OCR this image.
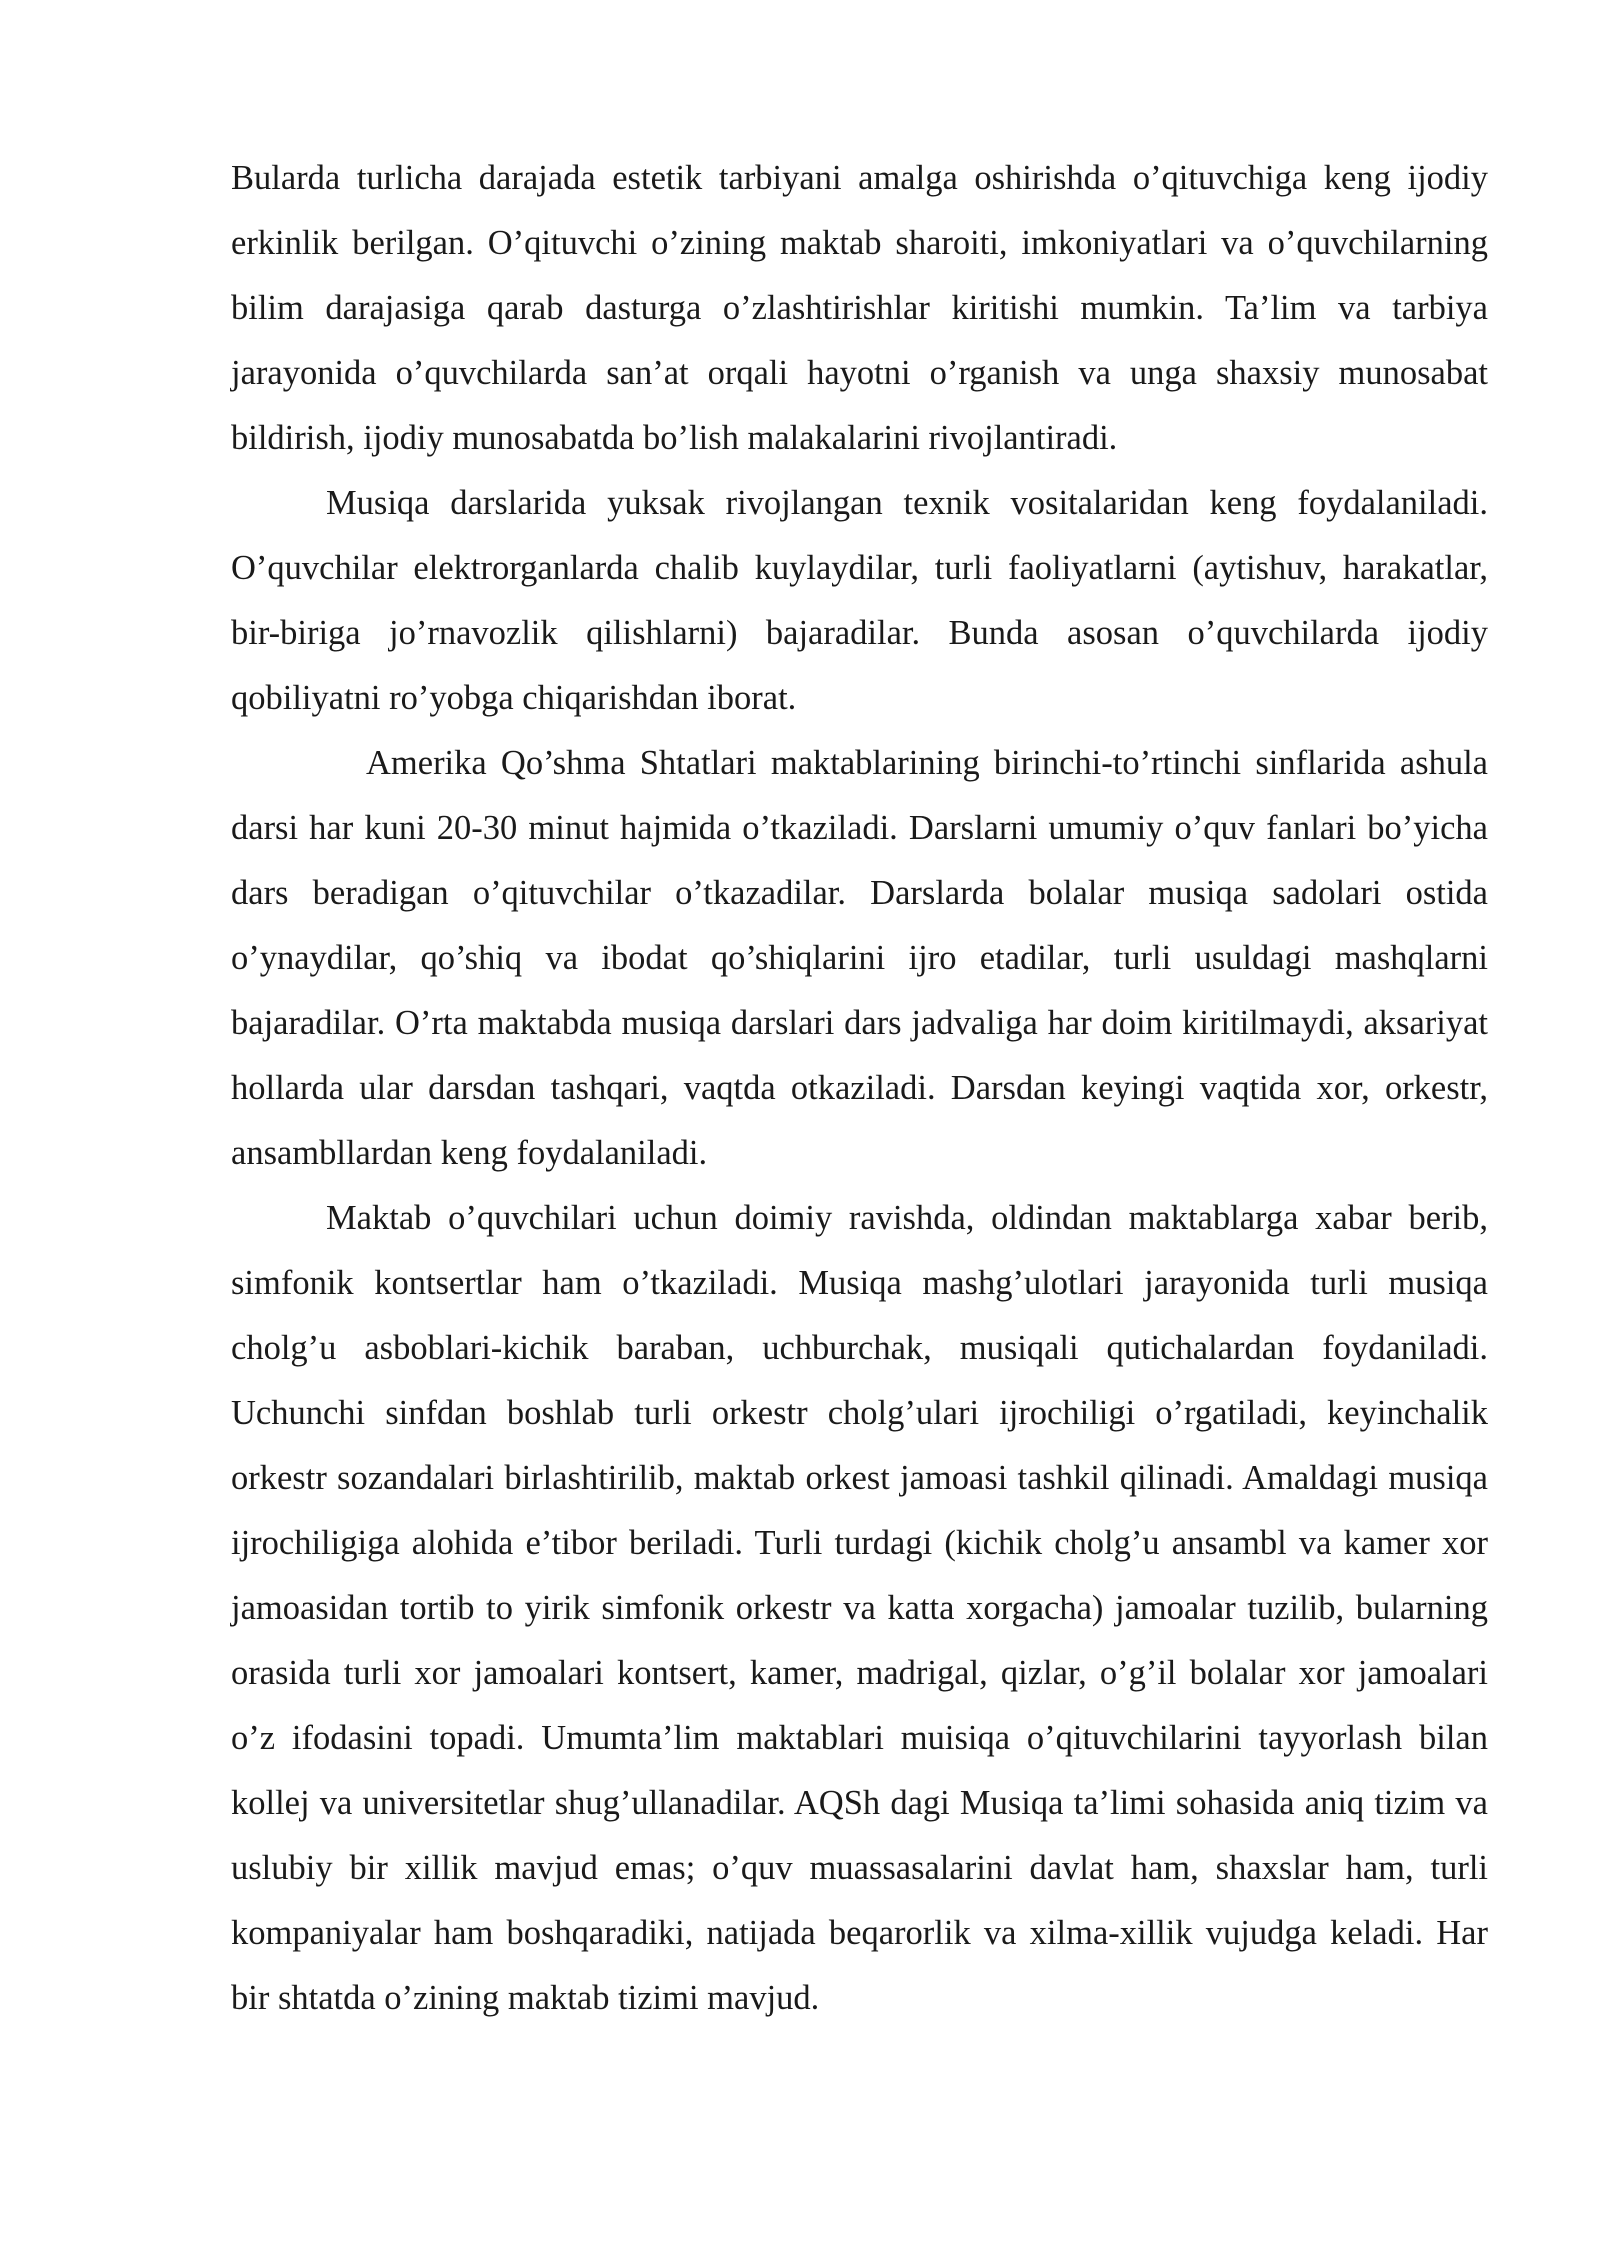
Bularda turlicha darajada estetik tarbiyani amalga oshirishda o’qituvchiga keng ijodiy erkinlik berilgan. O’qituvchi o’zining maktab sharoiti, imkoniyatlari va o’quvchilarning bilim darajasiga qarab dasturga o’zlashtirishlar kiritishi mumkin. Ta’lim va tarbiya jarayonida o’quvchilarda san’at orqali hayotni o’rganish va unga shaxsiy munosabat bildirish, ijodiy munosabatda bo’lish malakalarini rivojlantiradi.

Musiqa darslarida yuksak rivojlangan texnik vositalaridan keng foydalaniladi. O’quvchilar elektrorganlarda chalib kuylaydilar, turli faoliyatlarni (aytishuv, harakatlar, bir-biriga jo’rnavozlik qilishlarni) bajaradilar. Bunda asosan o’quvchilarda ijodiy qobiliyatni ro’yobga chiqarishdan iborat.

Amerika Qo’shma Shtatlari maktablarining birinchi-to’rtinchi sinflarida ashula darsi har kuni 20-30 minut hajmida o’tkaziladi. Darslarni umumiy o’quv fanlari bo’yicha dars beradigan o’qituvchilar o’tkazadilar. Darslarda bolalar musiqa sadolari ostida o’ynaydilar, qo’shiq va ibodat qo’shiqlarini ijro etadilar, turli usuldagi mashqlarni bajaradilar. O’rta maktabda musiqa darslari dars jadvaliga har doim kiritilmaydi, aksariyat hollarda ular darsdan tashqari, vaqtda otkaziladi. Darsdan keyingi vaqtida xor, orkestr, ansambllardan keng foydalaniladi.

Maktab o’quvchilari uchun doimiy ravishda, oldindan maktablarga xabar berib, simfonik kontsertlar ham o’tkaziladi. Musiqa mashg’ulotlari jarayonida turli musiqa cholg’u asboblari-kichik baraban, uchburchak, musiqali qutichalardan foydaniladi. Uchunchi sinfdan boshlab turli orkestr cholg’ulari ijrochiligi o’rgatiladi, keyinchalik orkestr sozandalari birlashtirilib, maktab orkest jamoasi tashkil qilinadi. Amaldagi musiqa ijrochiligiga alohida e’tibor beriladi. Turli turdagi (kichik cholg’u ansambl va kamer xor jamoasidan tortib to yirik simfonik orkestr va katta xorgacha) jamoalar tuzilib, bularning orasida turli xor jamoalari kontsert, kamer, madrigal, qizlar, o’g’il bolalar xor jamoalari o’z ifodasini topadi. Umumta’lim maktablari muisiqa o’qituvchilarini tayyorlash bilan kollej va universitetlar shug’ullanadilar. AQSh dagi Musiqa ta’limi sohasida aniq tizim va uslubiy bir xillik mavjud emas; o’quv muassasalarini davlat ham, shaxslar ham, turli kompaniyalar ham boshqaradiki, natijada beqarorlik va xilma-xillik vujudga keladi. Har bir shtatda o’zining maktab tizimi mavjud.
